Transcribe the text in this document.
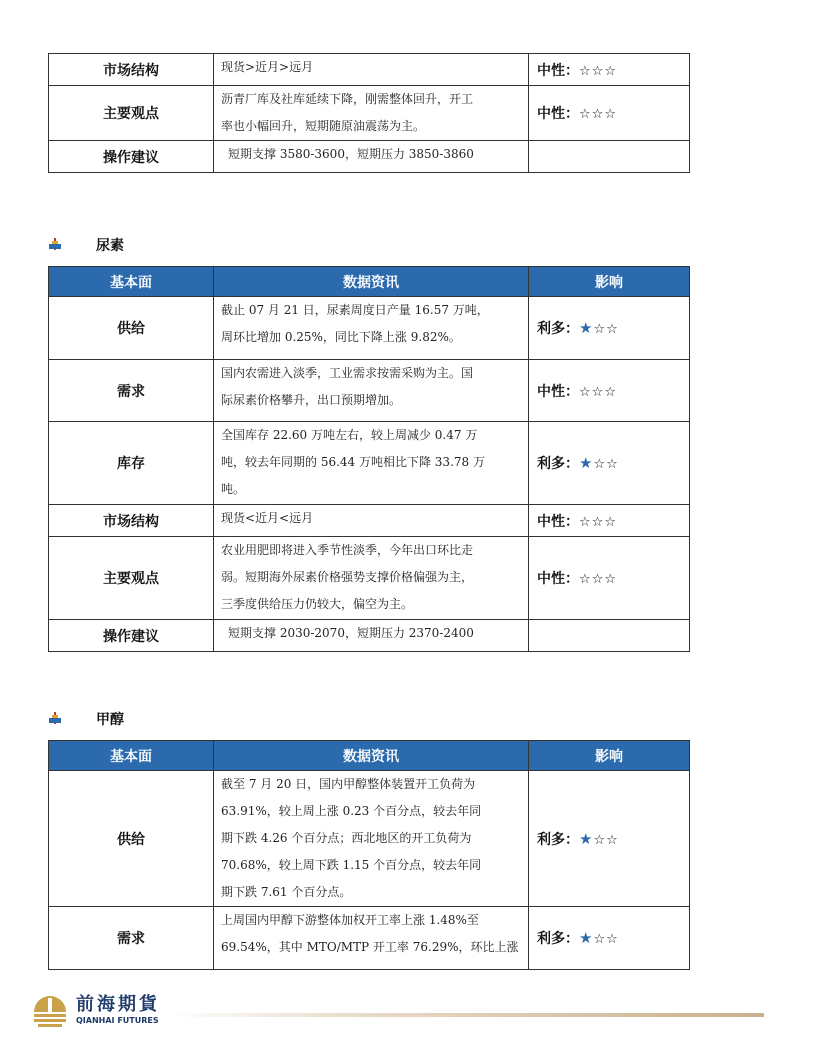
市场结构	现货>近月>远月	中性：☆☆☆
主要观点	沥青厂库及社库延续下降，刚需整体回升，开工
率也小幅回升，短期随原油震荡为主。	中性：☆☆☆
操作建议	短期支撑 3580-3600，短期压力 3850-3860	

尿素
基本面	数据资讯	影响
供给	截止 07 月 21 日，尿素周度日产量 16.57 万吨，
周环比增加 0.25%，同比下降上涨 9.82%。	利多：★☆☆
需求	国内农需进入淡季，工业需求按需采购为主。国
际尿素价格攀升，出口预期增加。	中性：☆☆☆
库存	全国库存 22.60 万吨左右，较上周减少 0.47 万
吨，较去年同期的 56.44 万吨相比下降 33.78 万
吨。	利多：★☆☆
市场结构	现货<近月<远月	中性：☆☆☆
主要观点	农业用肥即将进入季节性淡季，今年出口环比走
弱。短期海外尿素价格强势支撑价格偏强为主，
三季度供给压力仍较大，偏空为主。	中性：☆☆☆
操作建议	短期支撑 2030-2070，短期压力 2370-2400	

甲醇
基本面	数据资讯	影响
供给	截至 7 月 20 日，国内甲醇整体装置开工负荷为
63.91%，较上周上涨 0.23 个百分点，较去年同
期下跌 4.26 个百分点；西北地区的开工负荷为
70.68%，较上周下跌 1.15 个百分点，较去年同
期下跌 7.61 个百分点。	利多：★☆☆
需求	上周国内甲醇下游整体加权开工率上涨 1.48%至
69.54%，其中 MTO/MTP 开工率 76.29%，环比上涨	利多：★☆☆
前海期貨
QIANHAI FUTURES
